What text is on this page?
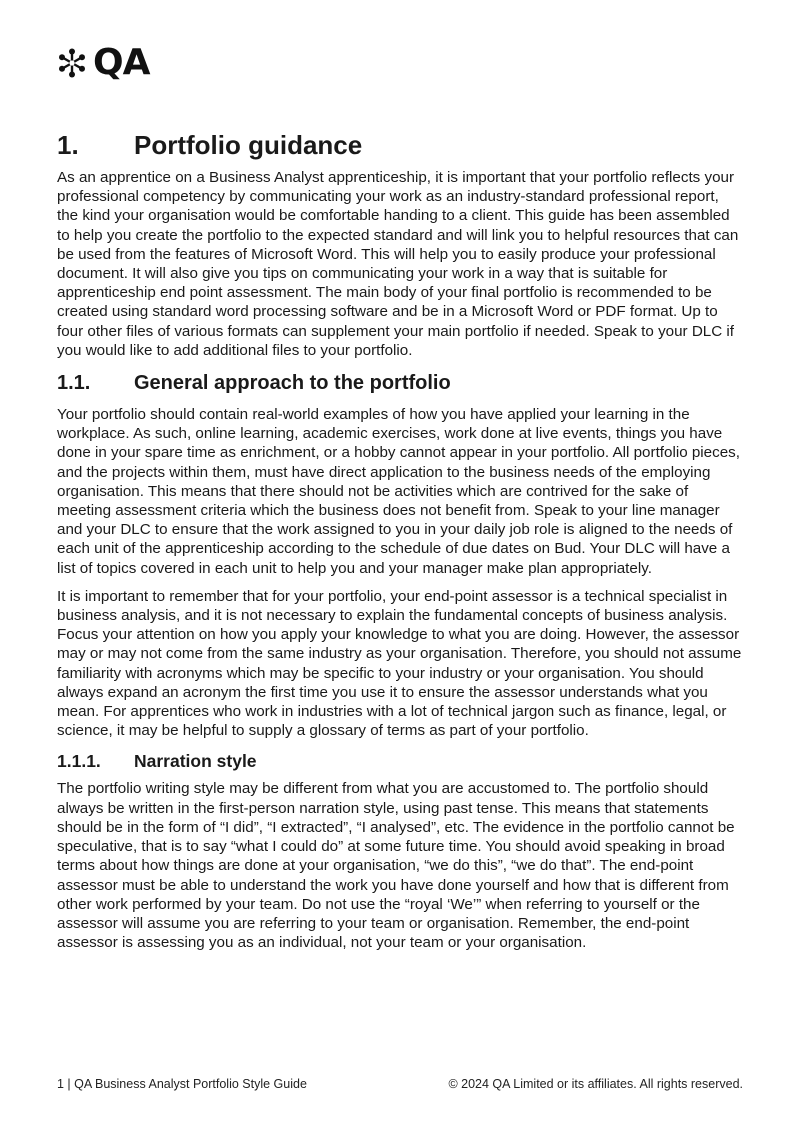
QA
1.	Portfolio guidance

As an apprentice on a Business Analyst apprenticeship, it is important that your portfolio reflects your professional competency by communicating your work as an industry-standard professional report, the kind your organisation would be comfortable handing to a client. This guide has been assembled to help you create the portfolio to the expected standard and will link you to helpful resources that can be used from the features of Microsoft Word. This will help you to easily produce your professional document. It will also give you tips on communicating your work in a way that is suitable for apprenticeship end point assessment. The main body of your final portfolio is recommended to be created using standard word processing software and be in a Microsoft Word or PDF format. Up to four other files of various formats can supplement your main portfolio if needed. Speak to your DLC if you would like to add additional files to your portfolio.

1.1.	General approach to the portfolio

Your portfolio should contain real-world examples of how you have applied your learning in the workplace. As such, online learning, academic exercises, work done at live events, things you have done in your spare time as enrichment, or a hobby cannot appear in your portfolio. All portfolio pieces, and the projects within them, must have direct application to the business needs of the employing organisation. This means that there should not be activities which are contrived for the sake of meeting assessment criteria which the business does not benefit from. Speak to your line manager and your DLC to ensure that the work assigned to you in your daily job role is aligned to the needs of each unit of the apprenticeship according to the schedule of due dates on Bud. Your DLC will have a list of topics covered in each unit to help you and your manager make plan appropriately.

It is important to remember that for your portfolio, your end-point assessor is a technical specialist in business analysis, and it is not necessary to explain the fundamental concepts of business analysis. Focus your attention on how you apply your knowledge to what you are doing. However, the assessor may or may not come from the same industry as your organisation. Therefore, you should not assume familiarity with acronyms which may be specific to your industry or your organisation. You should always expand an acronym the first time you use it to ensure the assessor understands what you mean. For apprentices who work in industries with a lot of technical jargon such as finance, legal, or science, it may be helpful to supply a glossary of terms as part of your portfolio.

1.1.1.	Narration style

The portfolio writing style may be different from what you are accustomed to. The portfolio should always be written in the first-person narration style, using past tense. This means that statements should be in the form of “I did”, “I extracted”, “I analysed”, etc. The evidence in the portfolio cannot be speculative, that is to say “what I could do” at some future time. You should avoid speaking in broad terms about how things are done at your organisation, “we do this”, “we do that”. The end-point assessor must be able to understand the work you have done yourself and how that is different from other work performed by your team. Do not use the “royal ‘We’” when referring to yourself or the assessor will assume you are referring to your team or organisation. Remember, the end-point assessor is assessing you as an individual, not your team or your organisation.

1 | QA Business Analyst Portfolio Style Guide	© 2024 QA Limited or its affiliates. All rights reserved.
